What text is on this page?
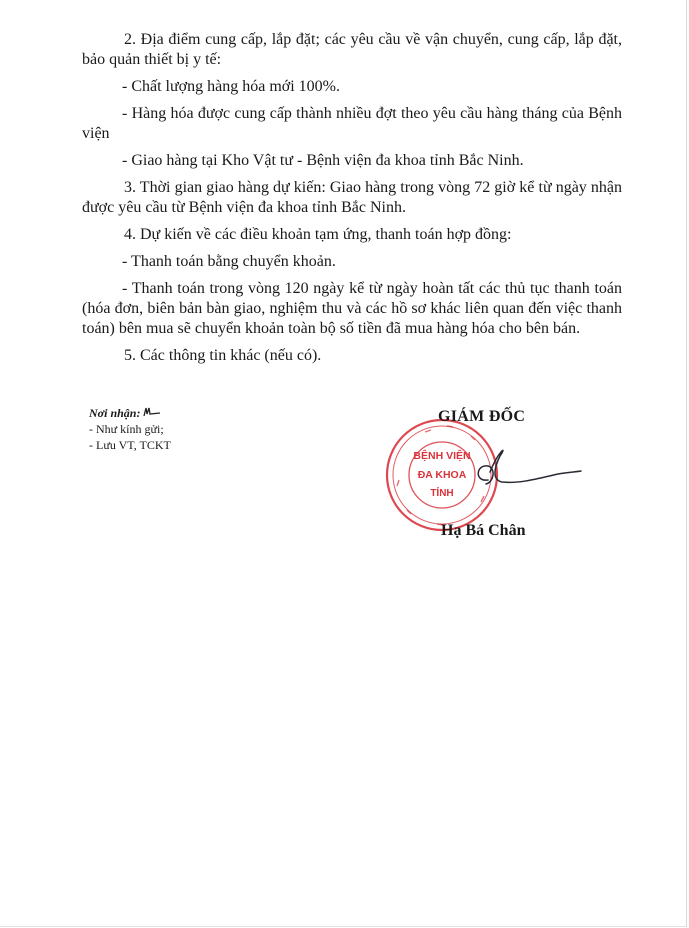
2. Địa điểm cung cấp, lắp đặt; các yêu cầu về vận chuyển, cung cấp, lắp đặt, bảo quản thiết bị y tế:

- Chất lượng hàng hóa mới 100%.

- Hàng hóa được cung cấp thành nhiều đợt theo yêu cầu hàng tháng của Bệnh viện

- Giao hàng tại Kho Vật tư - Bệnh viện đa khoa tỉnh Bắc Ninh.

3. Thời gian giao hàng dự kiến: Giao hàng trong vòng 72 giờ kể từ ngày nhận được yêu cầu từ Bệnh viện đa khoa tỉnh Bắc Ninh.

4. Dự kiến về các điều khoản tạm ứng, thanh toán hợp đồng:

- Thanh toán bằng chuyển khoản.

- Thanh toán trong vòng 120 ngày kể từ ngày hoàn tất các thủ tục thanh toán (hóa đơn, biên bản bàn giao, nghiệm thu và các hồ sơ khác liên quan đến việc thanh toán) bên mua sẽ chuyển khoản toàn bộ số tiền đã mua hàng hóa cho bên bán.

5. Các thông tin khác (nếu có).

Nơi nhận:
- Như kính gửi;
- Lưu VT, TCKT
BỆNH VIỆN
ĐA KHOA
TỈNH
GIÁM ĐỐC
Hạ Bá Chân
